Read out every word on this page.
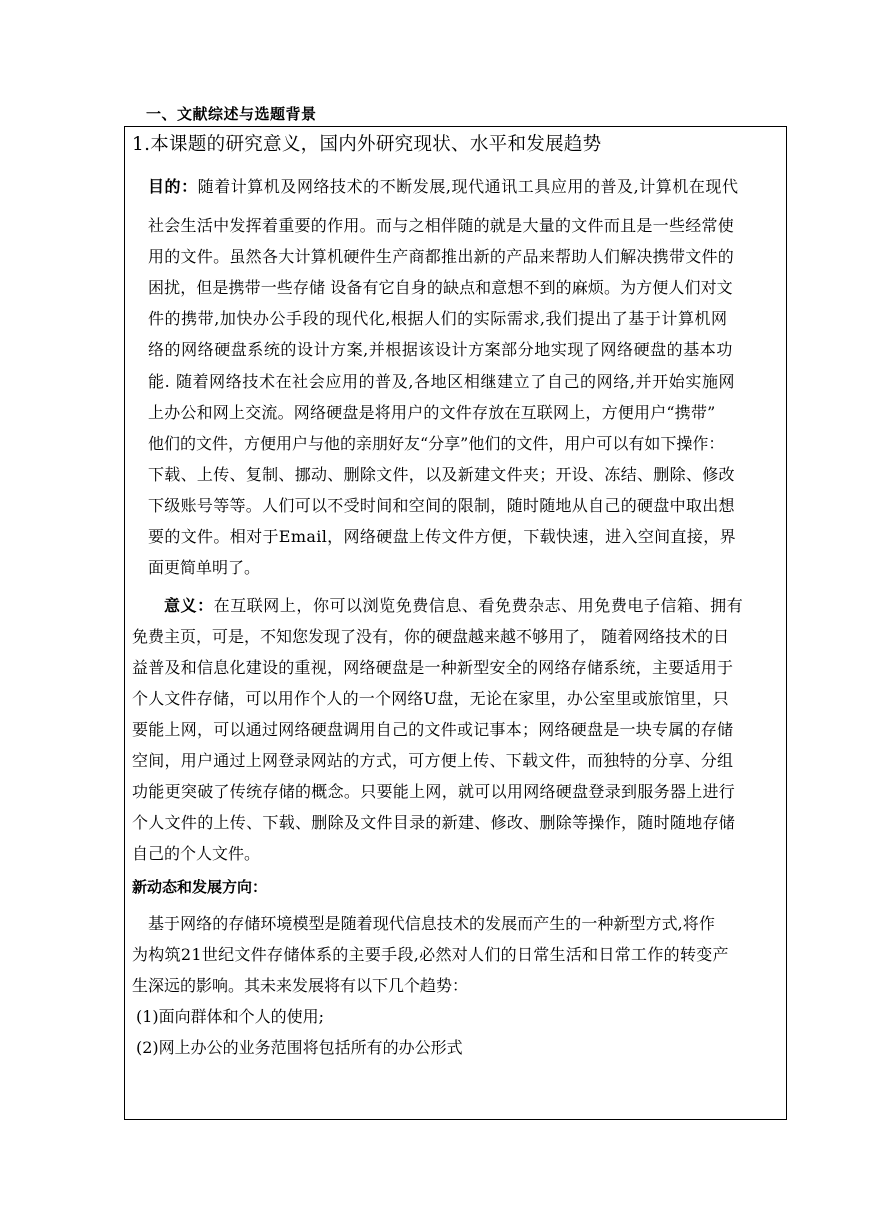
一、文献综述与选题背景
1.本课题的研究意义，国内外研究现状、水平和发展趋势
目的：随着计算机及网络技术的不断发展,现代通讯工具应用的普及,计算机在现代
社会生活中发挥着重要的作用。而与之相伴随的就是大量的文件而且是一些经常使
用的文件。虽然各大计算机硬件生产商都推出新的产品来帮助人们解决携带文件的
困扰，但是携带一些存储 设备有它自身的缺点和意想不到的麻烦。为方便人们对文
件的携带,加快办公手段的现代化,根据人们的实际需求,我们提出了基于计算机网
络的网络硬盘系统的设计方案,并根据该设计方案部分地实现了网络硬盘的基本功
能. 随着网络技术在社会应用的普及,各地区相继建立了自己的网络,并开始实施网
上办公和网上交流。网络硬盘是将用户的文件存放在互联网上，方便用户“携带”
他们的文件，方便用户与他的亲朋好友“分享”他们的文件，用户可以有如下操作：
下载、上传、复制、挪动、删除文件，以及新建文件夹；开设、冻结、删除、修改
下级账号等等。人们可以不受时间和空间的限制，随时随地从自己的硬盘中取出想
要的文件。相对于Email，网络硬盘上传文件方便，下载快速，进入空间直接，界
面更简单明了。
意义：在互联网上，你可以浏览免费信息、看免费杂志、用免费电子信箱、拥有
免费主页，可是，不知您发现了没有，你的硬盘越来越不够用了， 随着网络技术的日
益普及和信息化建设的重视，网络硬盘是一种新型安全的网络存储系统，主要适用于
个人文件存储，可以用作个人的一个网络U盘，无论在家里，办公室里或旅馆里，只
要能上网，可以通过网络硬盘调用自己的文件或记事本；网络硬盘是一块专属的存储
空间，用户通过上网登录网站的方式，可方便上传、下载文件，而独特的分享、分组
功能更突破了传统存储的概念。只要能上网，就可以用网络硬盘登录到服务器上进行
个人文件的上传、下载、删除及文件目录的新建、修改、删除等操作，随时随地存储
自己的个人文件。
新动态和发展方向：
基于网络的存储环境模型是随着现代信息技术的发展而产生的一种新型方式,将作
为构筑21世纪文件存储体系的主要手段,必然对人们的日常生活和日常工作的转变产
生深远的影响。其未来发展将有以下几个趋势：
(1)面向群体和个人的使用;
(2)网上办公的业务范围将包括所有的办公形式
